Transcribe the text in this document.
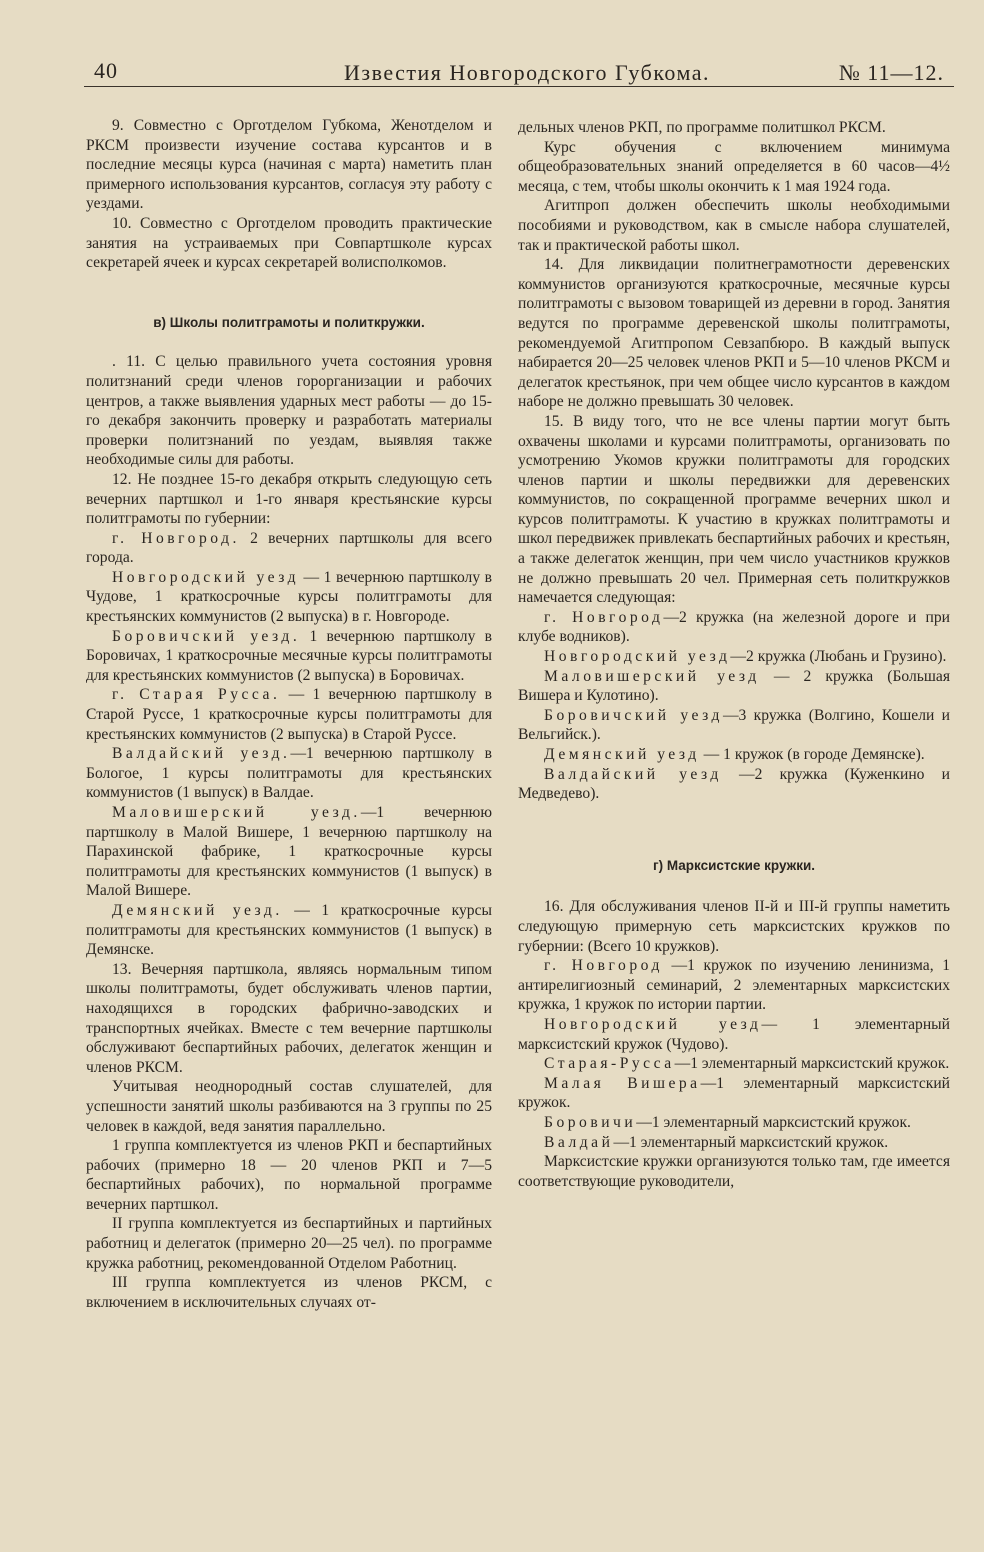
40	Известия Новгородского Губкома.	№ 11—12.

9. Совместно с Орготделом Губкома, Женотделом и РКСМ произвести изучение состава курсантов и в последние месяцы курса (начиная с марта) наметить план примерного использования курсантов, согласуя эту работу с уездами.

10. Совместно с Орготделом проводить практические занятия на устраиваемых при Совпартшколе курсах секретарей ячеек и курсах секретарей волисполкомов.

в) Школы политграмоты и политкружки.

. 11. С целью правильного учета состояния уровня политзнаний среди членов горорганизации и рабочих центров, а также выявления ударных мест работы — до 15-го декабря закончить проверку и разработать материалы проверки политзнаний по уездам, выявляя также необходимые силы для работы.

12. Не позднее 15-го декабря открыть следующую сеть вечерних партшкол и 1-го января крестьянские курсы политграмоты по губернии:

г. Новгород. 2 вечерних партшколы для всего города.

Новгородский уезд — 1 вечернюю партшколу в Чудове, 1 краткосрочные курсы политграмоты для крестьянских коммунистов (2 выпуска) в г. Новгороде.

Боровичский уезд. 1 вечернюю партшколу в Боровичах, 1 краткосрочные месячные курсы политграмоты для крестьянских коммунистов (2 выпуска) в Боровичах.

г. Старая Русса. — 1 вечернюю партшколу в Старой Руссе, 1 краткосрочные курсы политграмоты для крестьянских коммунистов (2 выпуска) в Старой Руссе.

Валдайский уезд.—1 вечернюю партшколу в Бологое, 1 курсы политграмоты для крестьянских коммунистов (1 выпуск) в Валдае.

Маловишерский уезд.—1 вечернюю партшколу в Малой Вишере, 1 вечернюю партшколу на Парахинской фабрике, 1 краткосрочные курсы политграмоты для крестьянских коммунистов (1 выпуск) в Малой Вишере.

Демянский уезд. — 1 краткосрочные курсы политграмоты для крестьянских коммунистов (1 выпуск) в Демянске.

13. Вечерняя партшкола, являясь нормальным типом школы политграмоты, будет обслуживать членов партии, находящихся в городских фабрично-заводских и транспортных ячейках. Вместе с тем вечерние партшколы обслуживают беспартийных рабочих, делегаток женщин и членов РКСМ.

Учитывая неоднородный состав слушателей, для успешности занятий школы разбиваются на 3 группы по 25 человек в каждой, ведя занятия параллельно.

1 группа комплектуется из членов РКП и беспартийных рабочих (примерно 18 — 20 членов РКП и 7—5 беспартийных рабочих), по нормальной программе вечерних партшкол.

II группа комплектуется из беспартийных и партийных работниц и делегаток (примерно 20—25 чел). по программе кружка работниц, рекомендованной Отделом Работниц.

III группа комплектуется из членов РКСМ, с включением в исключительных случаях от-

дельных членов РКП, по программе политшкол РКСМ.

Курс обучения с включением минимума общеобразовательных знаний определяется в 60 часов—4½ месяца, с тем, чтобы школы окончить к 1 мая 1924 года.

Агитпроп должен обеспечить школы необходимыми пособиями и руководством, как в смысле набора слушателей, так и практической работы школ.

14. Для ликвидации политнеграмотности деревенских коммунистов организуются краткосрочные, месячные курсы политграмоты с вызовом товарищей из деревни в город. Занятия ведутся по программе деревенской школы политграмоты, рекомендуемой Агитпропом Севзапбюро. В каждый выпуск набирается 20—25 человек членов РКП и 5—10 членов РКСМ и делегаток крестьянок, при чем общее число курсантов в каждом наборе не должно превышать 30 человек.

15. В виду того, что не все члены партии могут быть охвачены школами и курсами политграмоты, организовать по усмотрению Укомов кружки политграмоты для городских членов партии и школы передвижки для деревенских коммунистов, по сокращенной программе вечерних школ и курсов политграмоты. К участию в кружках политграмоты и школ передвижек привлекать беспартийных рабочих и крестьян, а также делегаток женщин, при чем число участников кружков не должно превышать 20 чел. Примерная сеть политкружков намечается следующая:

г. Новгород—2 кружка (на железной дороге и при клубе водников).

Новгородский уезд—2 кружка (Любань и Грузино).

Маловишерский уезд — 2 кружка (Большая Вишера и Кулотино).

Боровичский уезд—3 кружка (Волгино, Кошели и Вельгийск.).

Демянский уезд — 1 кружок (в городе Демянске).

Валдайский уезд —2 кружка (Куженкино и Медведево).

г) Марксистские кружки.

16. Для обслуживания членов II-й и III-й группы наметить следующую примерную сеть марксистских кружков по губернии: (Всего 10 кружков).

г. Новгород —1 кружок по изучению ленинизма, 1 антирелигиозный семинарий, 2 элементарных марксистских кружка, 1 кружок по истории партии.

Новгородский уезд— 1 элементарный марксистский кружок (Чудово).

Старая-Русса—1 элементарный марксистский кружок.

Малая Вишера—1 элементарный марксистский кружок.

Боровичи—1 элементарный марксистский кружок.

Валдай—1 элементарный марксистский кружок.

Марксистские кружки организуются только там, где имеется соответствующие руководители,
